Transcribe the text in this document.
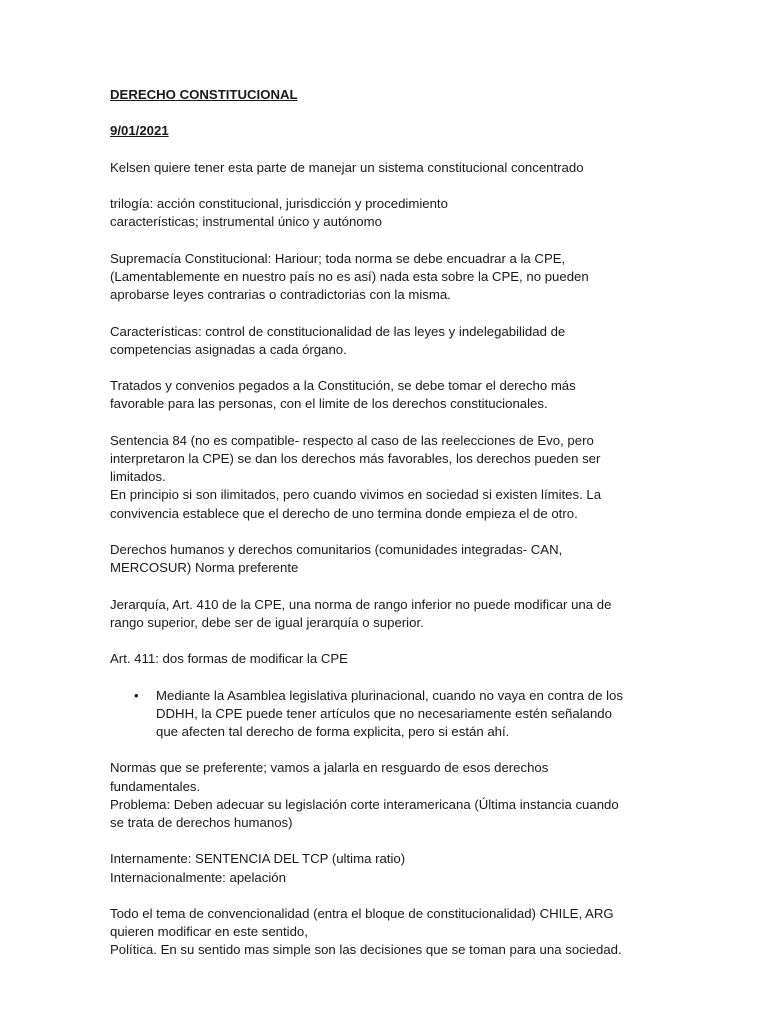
DERECHO CONSTITUCIONAL

9/01/2021

Kelsen quiere tener esta parte de manejar un sistema constitucional concentrado

trilogía: acción constitucional, jurisdicción y procedimiento
características; instrumental único y autónomo

Supremacía Constitucional: Hariour; toda norma se debe encuadrar a la CPE,
(Lamentablemente en nuestro país no es así) nada esta sobre la CPE, no pueden
aprobarse leyes contrarias o contradictorias con la misma.

Características: control de constitucionalidad de las leyes y indelegabilidad de
competencias asignadas a cada órgano.

Tratados y convenios pegados a la Constitución, se debe tomar el derecho más
favorable para las personas, con el limite de los derechos constitucionales.

Sentencia 84 (no es compatible- respecto al caso de las reelecciones de Evo, pero
interpretaron la CPE) se dan los derechos más favorables, los derechos pueden ser
limitados.
En principio si son ilimitados, pero cuando vivimos en sociedad si existen límites. La
convivencia establece que el derecho de uno termina donde empieza el de otro.

Derechos humanos y derechos comunitarios (comunidades integradas- CAN,
MERCOSUR) Norma preferente

Jerarquía, Art. 410 de la CPE, una norma de rango inferior no puede modificar una de
rango superior, debe ser de igual jerarquía o superior.

Art. 411: dos formas de modificar la CPE

• Mediante la Asamblea legislativa plurinacional, cuando no vaya en contra de los
DDHH, la CPE puede tener artículos que no necesariamente estén señalando
que afecten tal derecho de forma explicita, pero si están ahí.

Normas que se preferente; vamos a jalarla en resguardo de esos derechos
fundamentales.
Problema: Deben adecuar su legislación corte interamericana (Última instancia cuando
se trata de derechos humanos)

Internamente: SENTENCIA DEL TCP (ultima ratio)
Internacionalmente: apelación

Todo el tema de convencionalidad (entra el bloque de constitucionalidad) CHILE, ARG
quieren modificar en este sentido,
Política. En su sentido mas simple son las decisiones que se toman para una sociedad.
